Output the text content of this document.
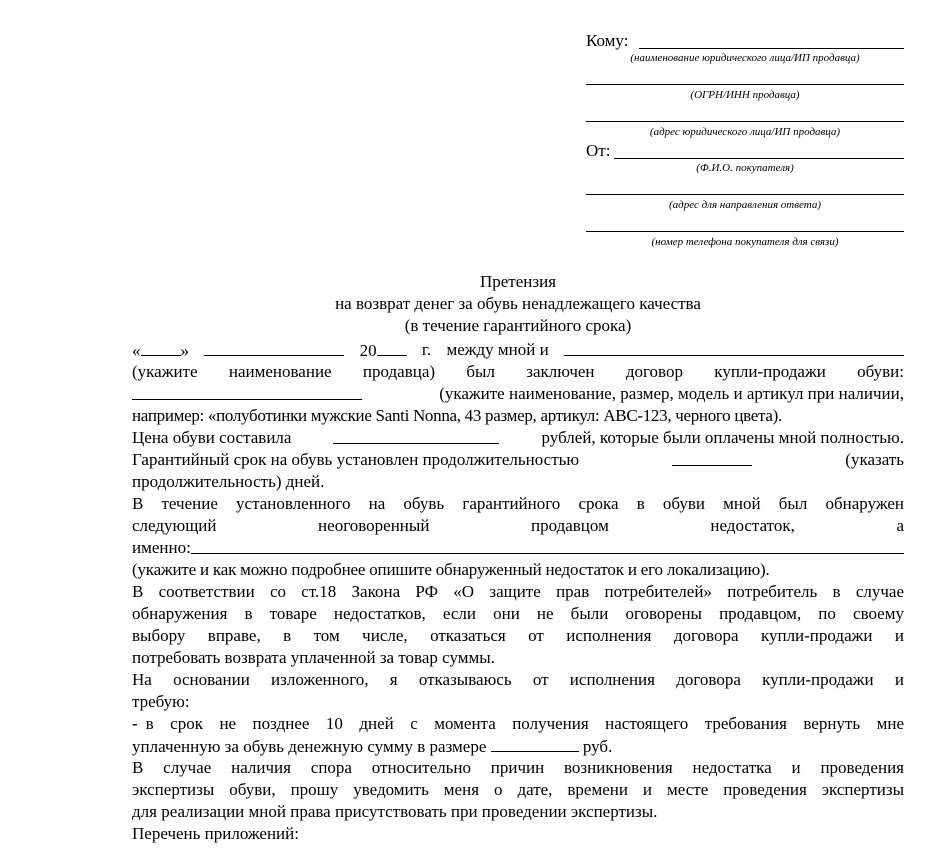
Кому:
(наименование юридического лица/ИП продавца)
(ОГРН/ИНН продавца)
(адрес юридического лица/ИП продавца)
От:
(Ф.И.О. покупателя)
(адрес для направления ответа)
(номер телефона покупателя для связи)
Претензия
на возврат денег за обувь ненадлежащего качества
(в течение гарантийного срока)
« »	20	г. между мной и
(укажите наименование продавца) был заключен договор купли-продажи обуви:
(укажите наименование, размер, модель и артикул при наличии,
например: «полуботинки мужские Santi Nonna, 43 размер, артикул: АВС-123, черного цвета).
Цена обуви составила	рублей, которые были оплачены мной полностью.
Гарантийный срок на обувь установлен продолжительностью	(указать
продолжительность) дней.
В течение установленного на обувь гарантийного срока в обуви мной был обнаружен
следующий	неоговоренный	продавцом	недостаток,	а
именно:
(укажите и как можно подробнее опишите обнаруженный недостаток и его локализацию).
В соответствии со ст.18 Закона РФ «О защите прав потребителей» потребитель в случае
обнаружения в товаре недостатков, если они не были оговорены продавцом, по своему
выбору вправе, в том числе, отказаться от исполнения договора купли-продажи и
потребовать возврата уплаченной за товар суммы.
На основании изложенного, я отказываюсь от исполнения договора купли-продажи и
требую:
- в срок не позднее 10 дней с момента получения настоящего требования вернуть мне
уплаченную за обувь денежную сумму в размере	руб.
В случае наличия спора относительно причин возникновения недостатка и проведения
экспертизы обуви, прошу уведомить меня о дате, времени и месте проведения экспертизы
для реализации мной права присутствовать при проведении экспертизы.
Перечень приложений:
